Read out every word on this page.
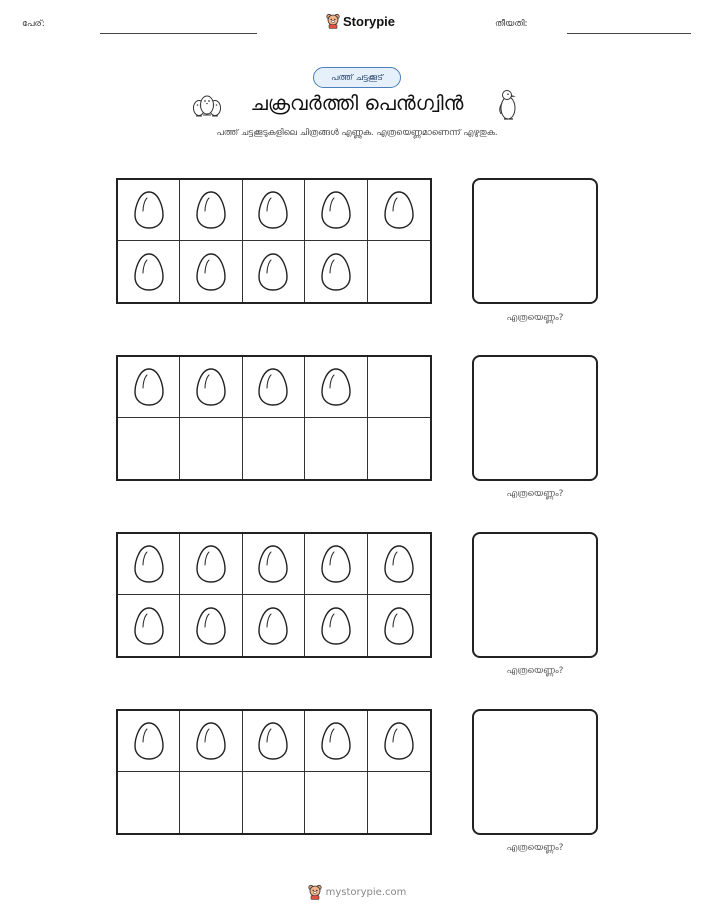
പേര്:	Storypie	തീയതി:
പത്ത് ചട്ടക്കൂട്
ചക്രവർത്തി പെൻഗ്വിൻ
പത്ത് ചട്ടക്കൂടുകളിലെ ചിത്രങ്ങൾ എണ്ണുക. എത്രയെണ്ണമാണെന്ന് എഴുതുക.
എത്രയെണ്ണം?
എത്രയെണ്ണം?
എത്രയെണ്ണം?
എത്രയെണ്ണം?
mystorypie.com
